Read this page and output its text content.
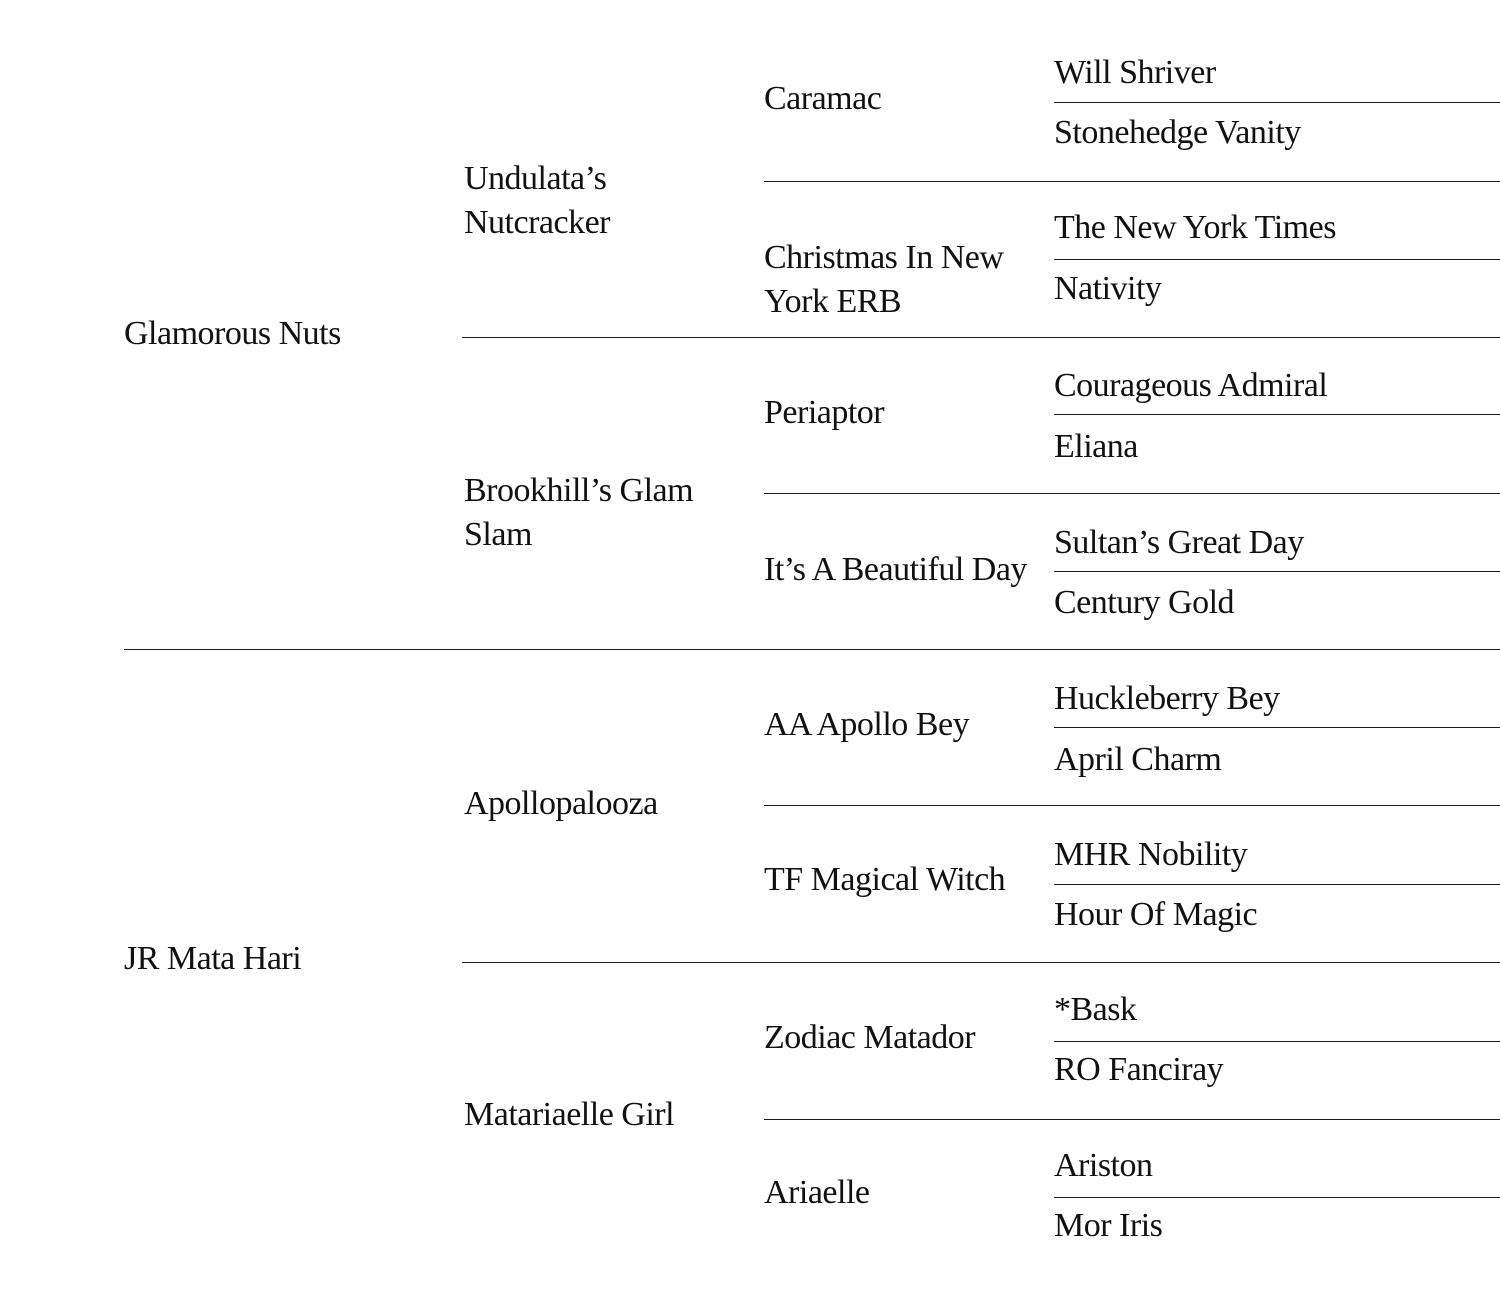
Glamorous Nuts
JR Mata Hari
Undulata’s Nutcracker
Brookhill’s Glam Slam
Apollopalooza
Matariaelle Girl
Caramac
Christmas In New York ERB
Periaptor
It’s A Beautiful Day
AA Apollo Bey
TF Magical Witch
Zodiac Matador
Ariaelle
Will Shriver
Stonehedge Vanity
The New York Times
Nativity
Courageous Admiral
Eliana
Sultan’s Great Day
Century Gold
Huckleberry Bey
April Charm
MHR Nobility
Hour Of Magic
*Bask
RO Fanciray
Ariston
Mor Iris
